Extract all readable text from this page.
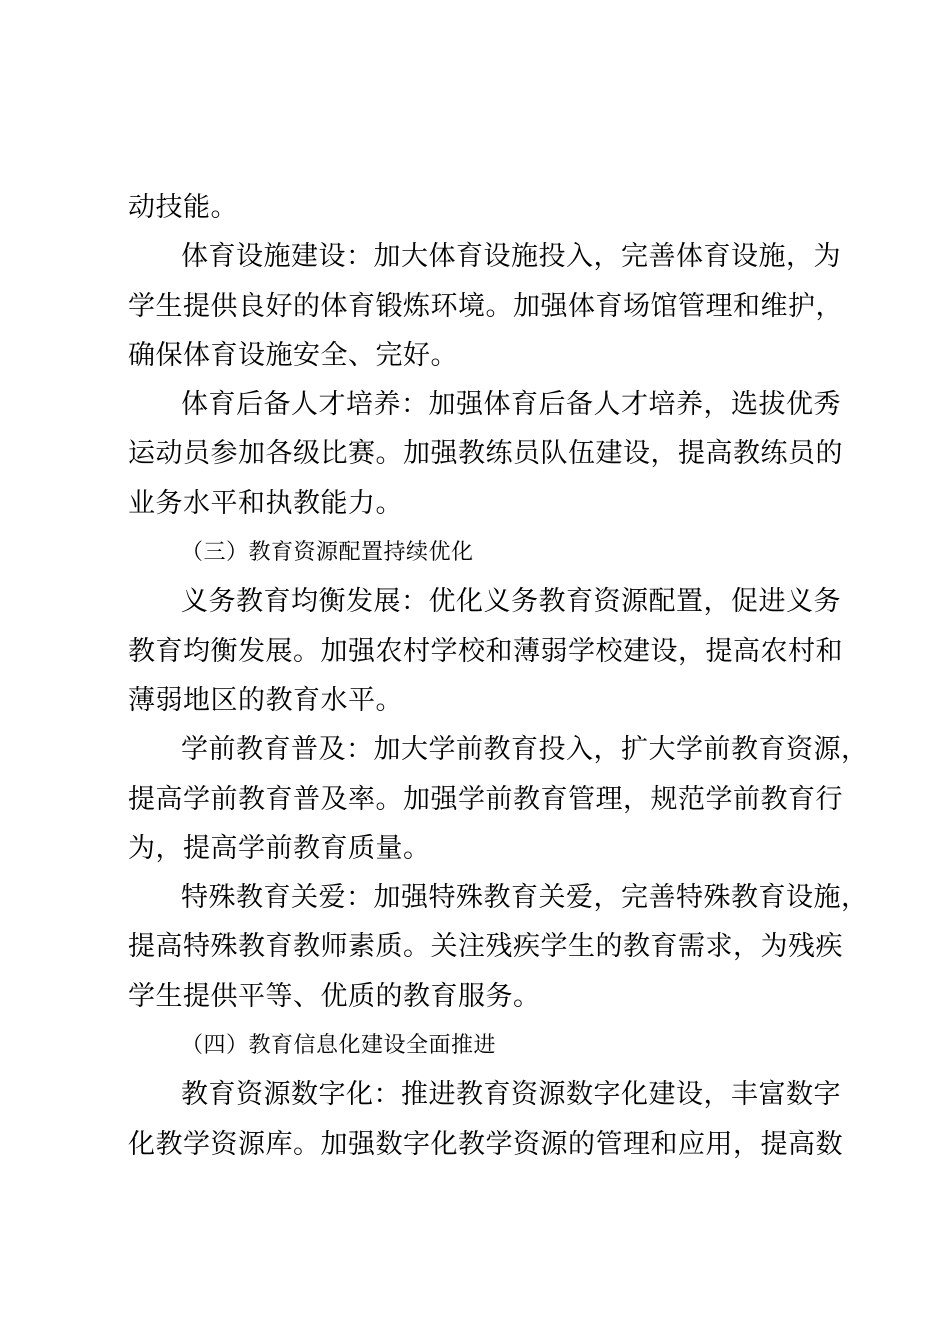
动技能。
体育设施建设：加大体育设施投入，完善体育设施，为
学生提供良好的体育锻炼环境。加强体育场馆管理和维护，
确保体育设施安全、完好。
体育后备人才培养：加强体育后备人才培养，选拔优秀
运动员参加各级比赛。加强教练员队伍建设，提高教练员的
业务水平和执教能力。
（三）教育资源配置持续优化
义务教育均衡发展：优化义务教育资源配置，促进义务
教育均衡发展。加强农村学校和薄弱学校建设，提高农村和
薄弱地区的教育水平。
学前教育普及：加大学前教育投入，扩大学前教育资源，
提高学前教育普及率。加强学前教育管理，规范学前教育行
为，提高学前教育质量。
特殊教育关爱：加强特殊教育关爱，完善特殊教育设施，
提高特殊教育教师素质。关注残疾学生的教育需求，为残疾
学生提供平等、优质的教育服务。
（四）教育信息化建设全面推进
教育资源数字化：推进教育资源数字化建设，丰富数字
化教学资源库。加强数字化教学资源的管理和应用，提高数
